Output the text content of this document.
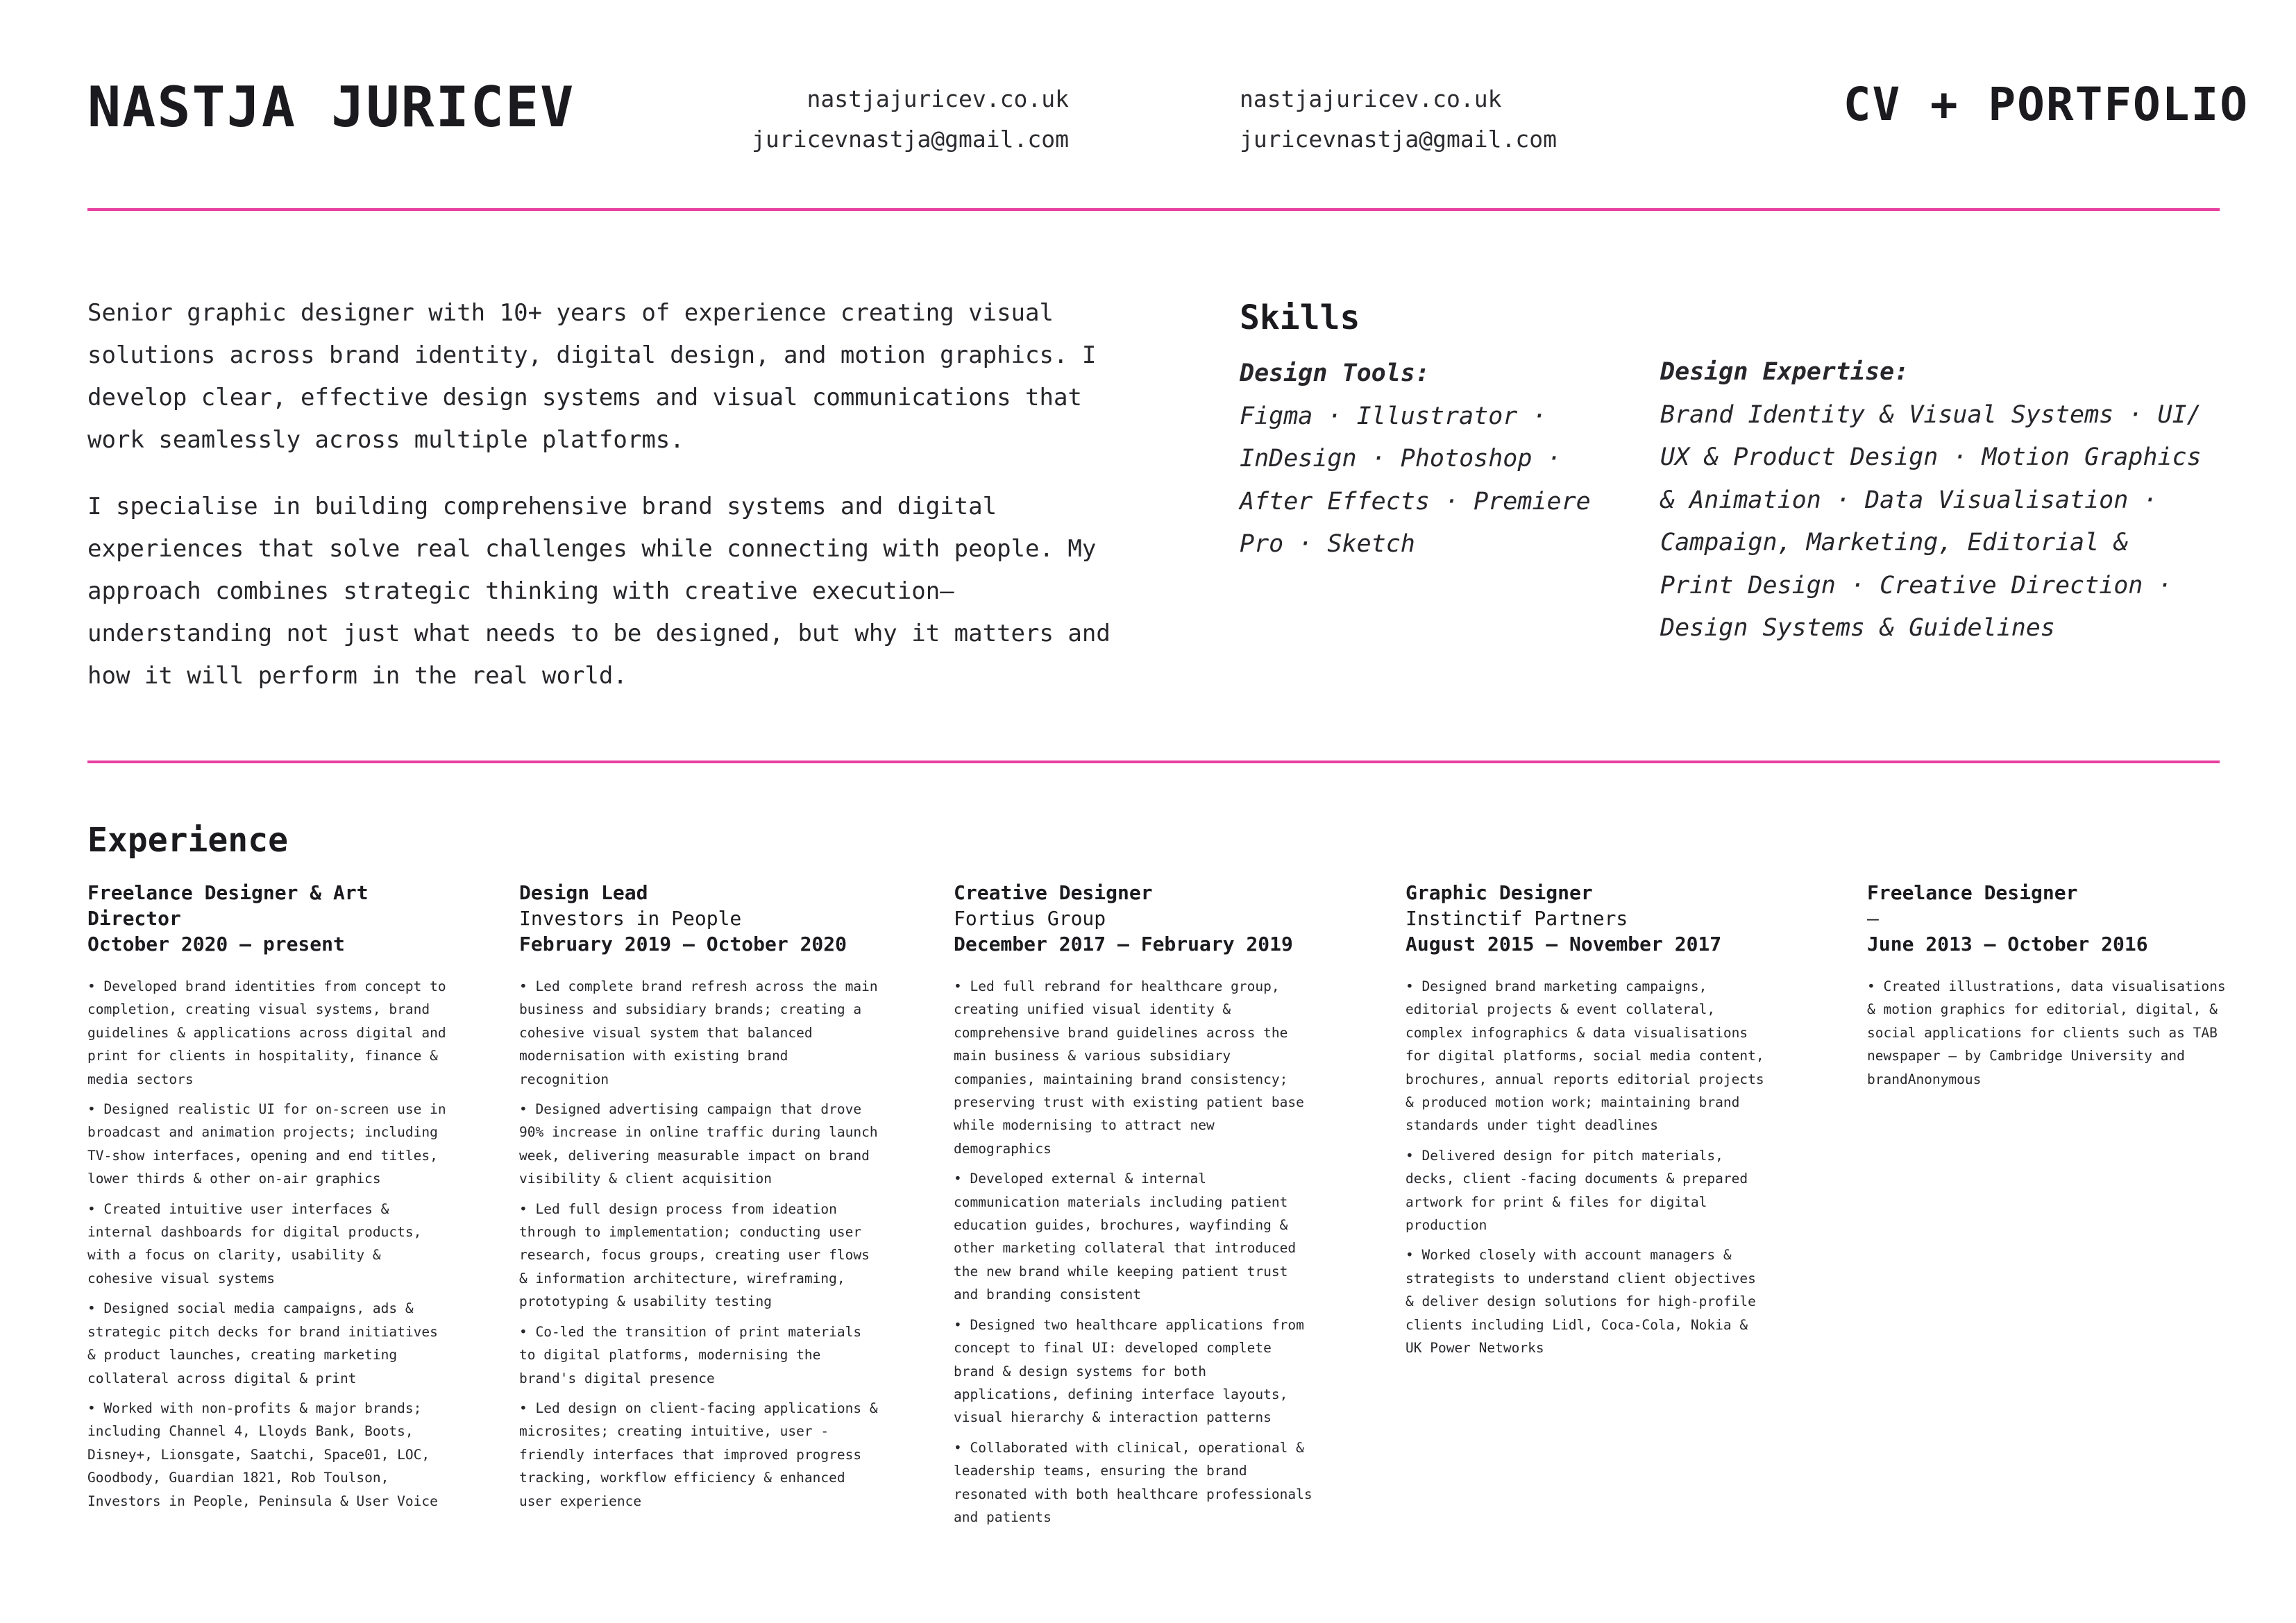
NASTJA JURICEV	nastjajuricev.co.uk
juricevnastja@gmail.com
nastjajuricev.co.uk
juricevnastja@gmail.com
CV + PORTFOLIO

Senior graphic designer with 10+ years of experience creating visual solutions across brand identity, digital design, and motion graphics. I develop clear, effective design systems and visual communications that work seamlessly across multiple platforms.

I specialise in building comprehensive brand systems and digital experiences that solve real challenges while connecting with people. My approach combines strategic thinking with creative execution—understanding not just what needs to be designed, but why it matters and how it will perform in the real world.

Skills
Design Tools:
Figma · Illustrator · InDesign · Photoshop · After Effects · Premiere Pro · Sketch
Design Expertise:
Brand Identity & Visual Systems · UI/ UX & Product Design · Motion Graphics & Animation · Data Visualisation · Campaign, Marketing, Editorial & Print Design · Creative Direction · Design Systems & Guidelines
Experience
Freelance Designer & Art Director
October 2020 – present
• Developed brand identities from concept to completion, creating visual systems, brand guidelines & applications across digital and print for clients in hospitality, finance & media sectors
• Designed realistic UI for on-screen use in broadcast and animation projects; including TV-show interfaces, opening and end titles, lower thirds & other on-air graphics
• Created intuitive user interfaces & internal dashboards for digital products, with a focus on clarity, usability & cohesive visual systems
• Designed social media campaigns, ads & strategic pitch decks for brand initiatives & product launches, creating marketing collateral across digital & print
• Worked with non-profits & major brands; including Channel 4, Lloyds Bank, Boots, Disney+, Lionsgate, Saatchi, Space01, LOC, Goodbody, Guardian 1821, Rob Toulson, Investors in People, Peninsula & User Voice
Design Lead
Investors in People
February 2019 – October 2020
• Led complete brand refresh across the main business and subsidiary brands; creating a cohesive visual system that balanced modernisation with existing brand recognition
• Designed advertising campaign that drove 90% increase in online traffic during launch week, delivering measurable impact on brand visibility & client acquisition
• Led full design process from ideation through to implementation; conducting user research, focus groups, creating user flows & information architecture, wireframing, prototyping & usability testing
• Co-led the transition of print materials to digital platforms, modernising the brand's digital presence
• Led design on client-facing applications & microsites; creating intuitive, user -friendly interfaces that improved progress tracking, workflow efficiency & enhanced user experience
Creative Designer
Fortius Group
December 2017 – February 2019
• Led full rebrand for healthcare group, creating unified visual identity & comprehensive brand guidelines across the main business & various subsidiary companies, maintaining brand consistency; preserving trust with existing patient base while modernising to attract new demographics
• Developed external & internal communication materials including patient education guides, brochures, wayfinding & other marketing collateral that introduced the new brand while keeping patient trust and branding consistent
• Designed two healthcare applications from concept to final UI: developed complete brand & design systems for both applications, defining interface layouts, visual hierarchy & interaction patterns
• Collaborated with clinical, operational & leadership teams, ensuring the brand resonated with both healthcare professionals and patients
Graphic Designer
Instinctif Partners
August 2015 – November 2017
• Designed brand marketing campaigns, editorial projects & event collateral, complex infographics & data visualisations for digital platforms, social media content, brochures, annual reports editorial projects & produced motion work; maintaining brand standards under tight deadlines
• Delivered design for pitch materials, decks, client -facing documents & prepared artwork for print & files for digital production
• Worked closely with account managers & strategists to understand client objectives & deliver design solutions for high-profile clients including Lidl, Coca-Cola, Nokia & UK Power Networks
Freelance Designer
–
June 2013 – October 2016
• Created illustrations, data visualisations & motion graphics for editorial, digital, & social applications for clients such as TAB newspaper – by Cambridge University and brandAnonymous
